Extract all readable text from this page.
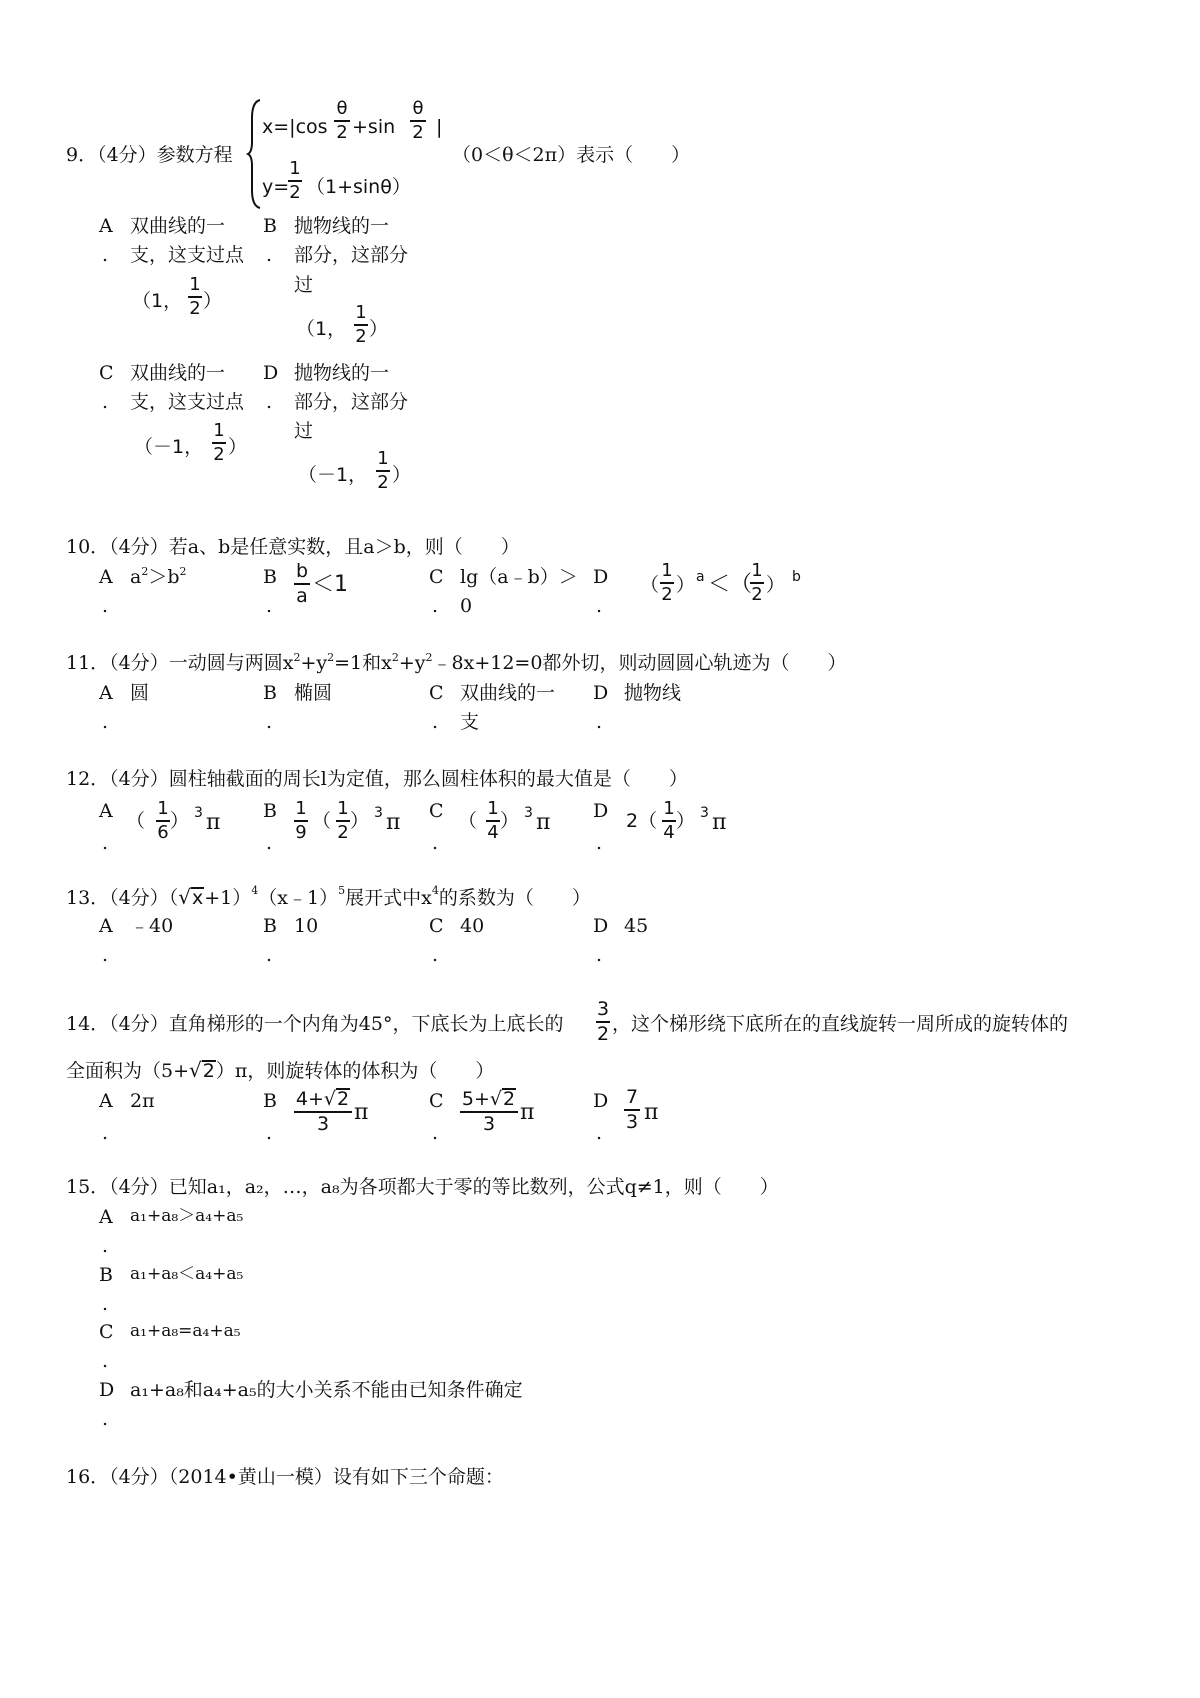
9．（4分）参数方程
x=|cos
θ
2 +sin
θ
2 |
y=
1
2 （1+sinθ）
（0＜θ＜2π）表示（　　）
A
.
双曲线的一
支，这支过点
（1，
1
2 ）
B
.
抛物线的一
部分，这部分
过
（1，
1
2 ）
C
.
双曲线的一
支，这支过点
（－1，
1
2 ）
D
.
抛物线的一
部分，这部分
过
（－1，
1
2 ）
10．（4分）若a、b是任意实数，且a＞b，则（　　）
A
.
$a^2>b^2$	B
.
b
a ＜1	C
.
lg（a﹣b）＞
0
D
.
（
1
2 ） a ＜（
1
2 ） b
11．（4分）一动圆与两圆$x^2+y^2=1$和$x^2+y^2﹣8x+12=0$都外切，则动圆圆心轨迹为（　　）
A
.
圆	B
.
椭圆	C
.
双曲线的一
支
D
.
抛物线
12．（4分）圆柱轴截面的周长l为定值，那么圆柱体积的最大值是（　　）
A
.
（
1
6
） 3 π B
.
1
9
（
1
2
） 3 π C
.
（
1
4
） 3 π D
.
2（
1
4
） 3 π
13．（4分）$(√x+1)^4(x﹣1)^5$展开式中$x^4$的系数为（　　）
A
.
﹣40	B
.
10	C
.
40	D
.
45
14．（4分）直角梯形的一个内角为45°，下底长为上底长的
3
2 ，这个梯形绕下底所在的直线旋转一周所成的旋转体的
全面积为（5+√2）π，则旋转体的体积为（　　）
A
.
2π	B
.
4+√2
3	π	C
.
5+√2
3	π	D
.
7
3 π
15．（4分）已知a₁，a₂，…，a₈为各项都大于零的等比数列，公式q≠1，则（　　）
A a₁+a₈＞a₄+a₅
.
B a₁+a₈＜a₄+a₅
.
C a₁+a₈=a₄+a₅
.
D a₁+a₈和a₄+a₅的大小关系不能由已知条件确定
.
16．（4分）（2014•黄山一模）设有如下三个命题：
